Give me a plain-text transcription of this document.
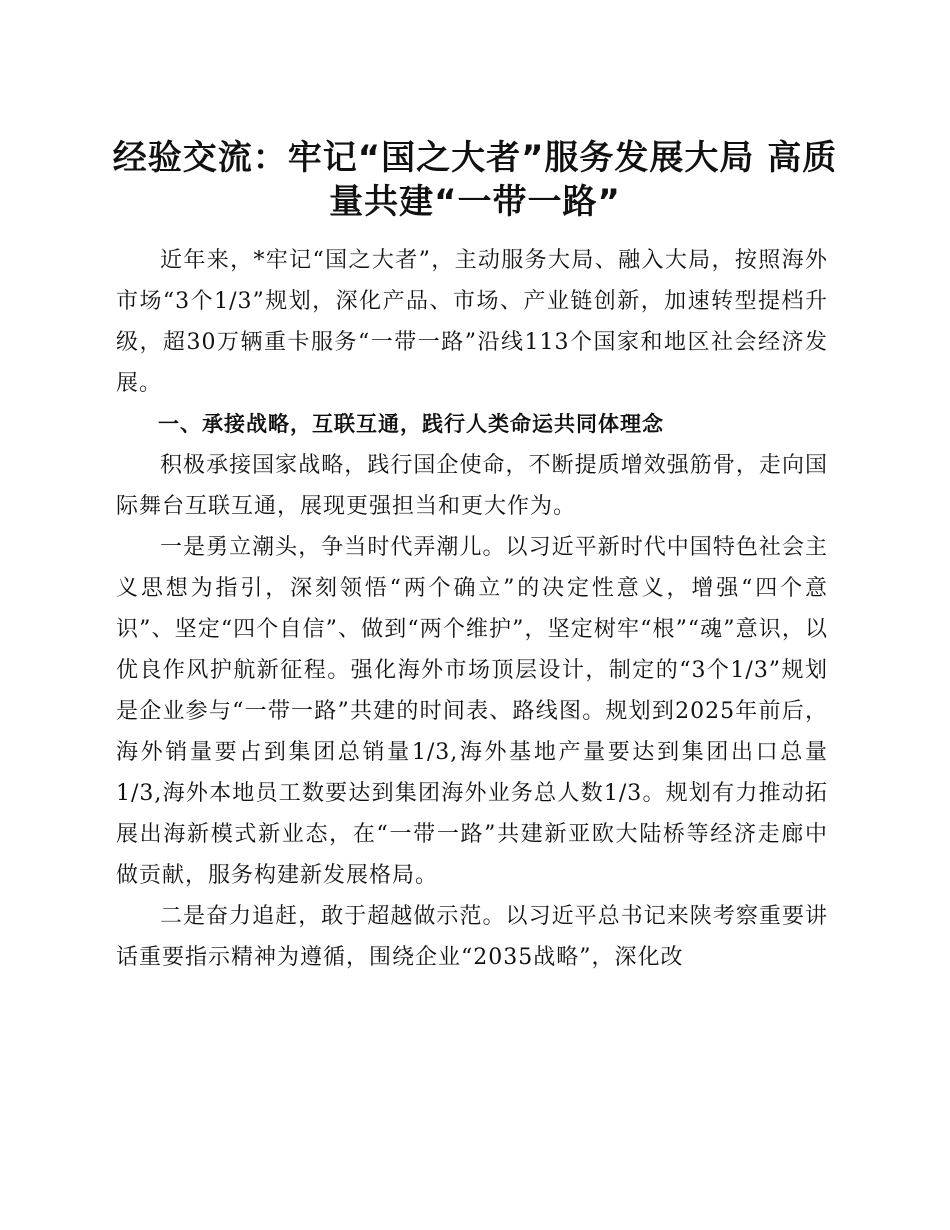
经验交流：牢记“国之大者”服务发展大局 高质量共建“一带一路”

近年来，*牢记“国之大者”，主动服务大局、融入大局，按照海外市场“3个1/3”规划，深化产品、市场、产业链创新，加速转型提档升级，超30万辆重卡服务“一带一路”沿线113个国家和地区社会经济发展。

一、承接战略，互联互通，践行人类命运共同体理念

积极承接国家战略，践行国企使命，不断提质增效强筋骨，走向国际舞台互联互通，展现更强担当和更大作为。

一是勇立潮头，争当时代弄潮儿。以习近平新时代中国特色社会主义思想为指引，深刻领悟“两个确立”的决定性意义，增强“四个意识”、坚定“四个自信”、做到“两个维护”，坚定树牢“根”“魂”意识，以优良作风护航新征程。强化海外市场顶层设计，制定的“3个1/3”规划是企业参与“一带一路”共建的时间表、路线图。规划到2025年前后，海外销量要占到集团总销量1/3,海外基地产量要达到集团出口总量1/3,海外本地员工数要达到集团海外业务总人数1/3。规划有力推动拓展出海新模式新业态，在“一带一路”共建新亚欧大陆桥等经济走廊中做贡献，服务构建新发展格局。

二是奋力追赶，敢于超越做示范。以习近平总书记来陕考察重要讲话重要指示精神为遵循，围绕企业“2035战略”，深化改
